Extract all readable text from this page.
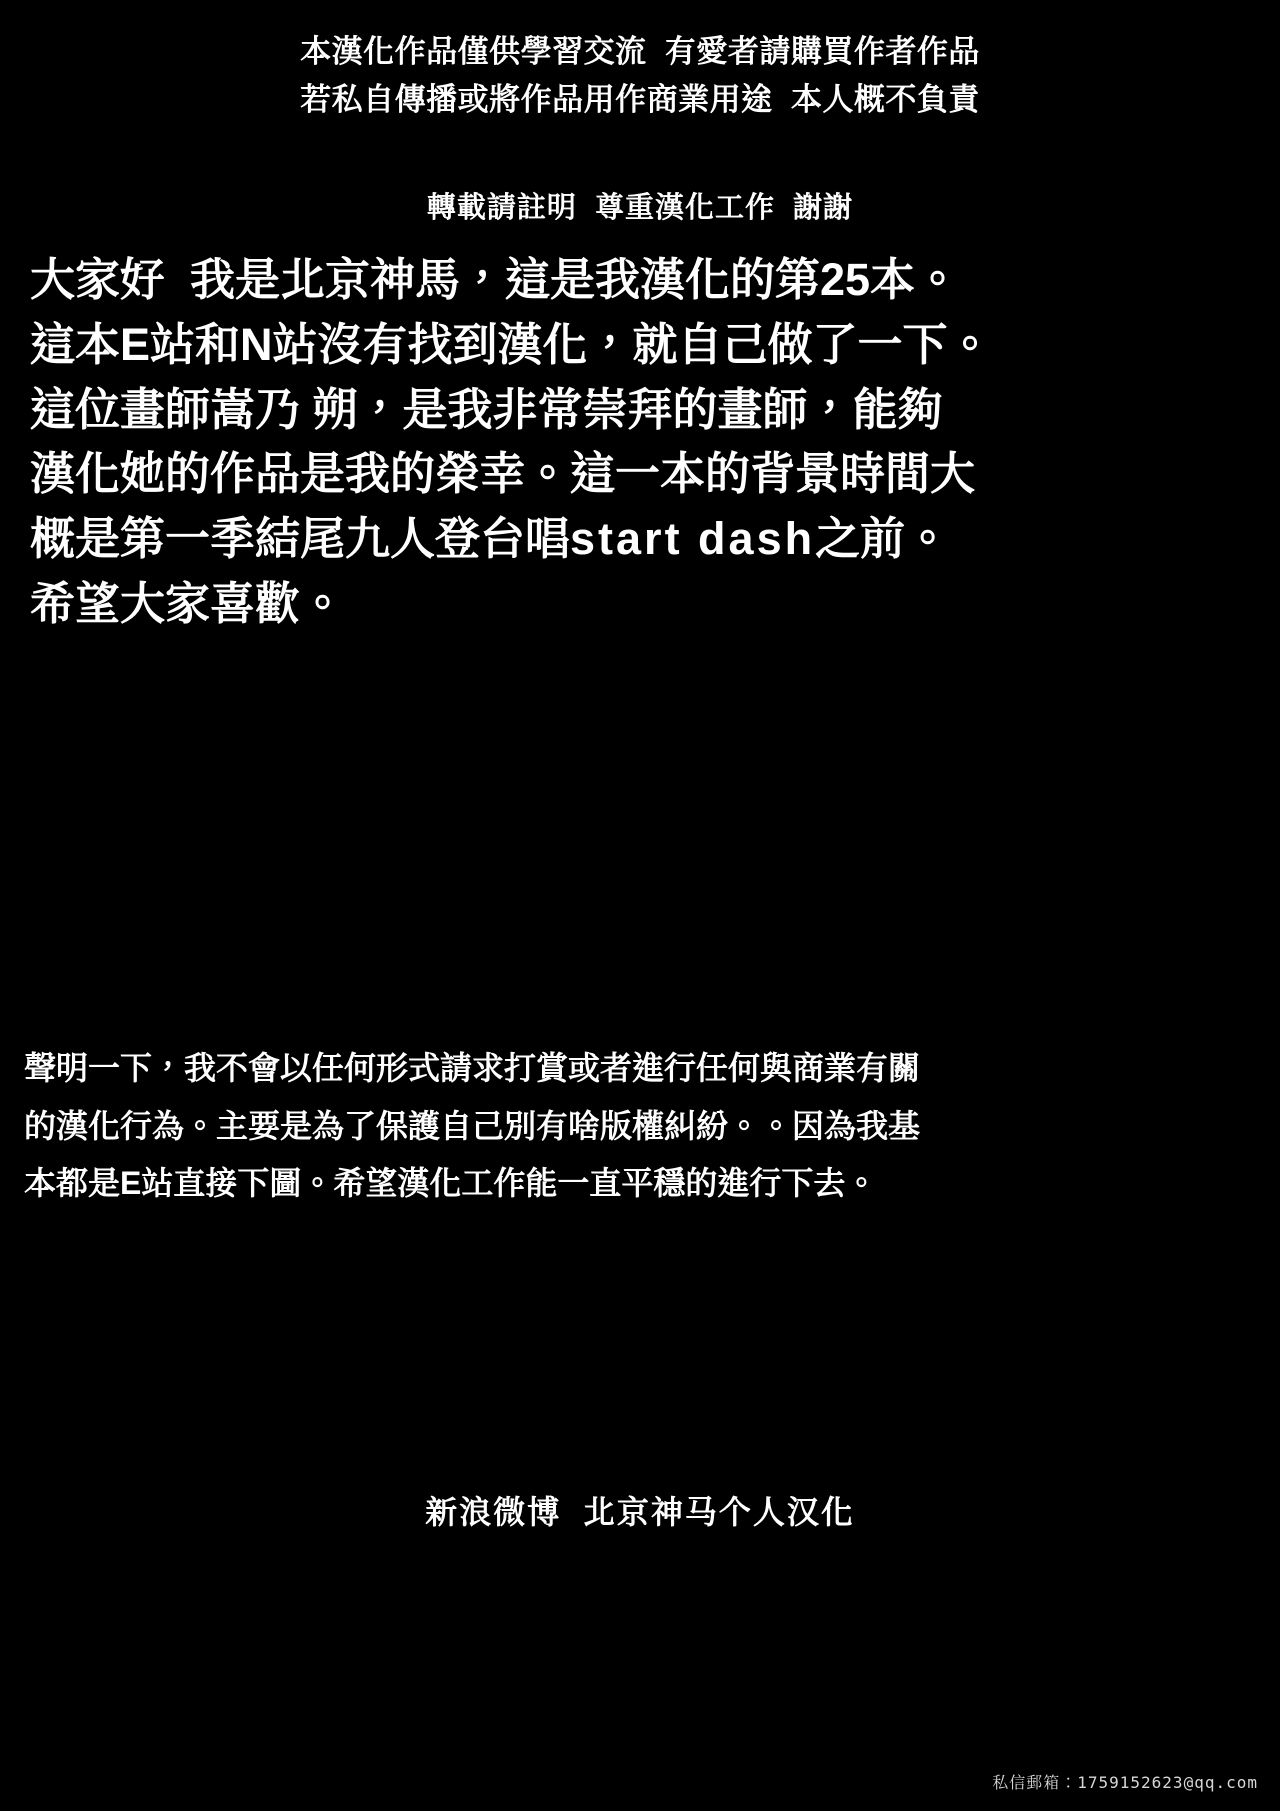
本漢化作品僅供學習交流  有愛者請購買作者作品
若私自傳播或將作品用作商業用途  本人概不負責
轉載請註明  尊重漢化工作  謝謝
大家好  我是北京神馬，這是我漢化的第25本。
這本E站和N站沒有找到漢化，就自己做了一下。
這位畫師嵩乃 朔，是我非常崇拜的畫師，能夠
漢化她的作品是我的榮幸。這一本的背景時間大
概是第一季結尾九人登台唱start dash之前。
希望大家喜歡。
聲明一下，我不會以任何形式請求打賞或者進行任何與商業有關
的漢化行為。主要是為了保護自己別有啥版權糾紛。。因為我基
本都是E站直接下圖。希望漢化工作能一直平穩的進行下去。
新浪微博  北京神马个人汉化
私信郵箱：1759152623@qq.com
